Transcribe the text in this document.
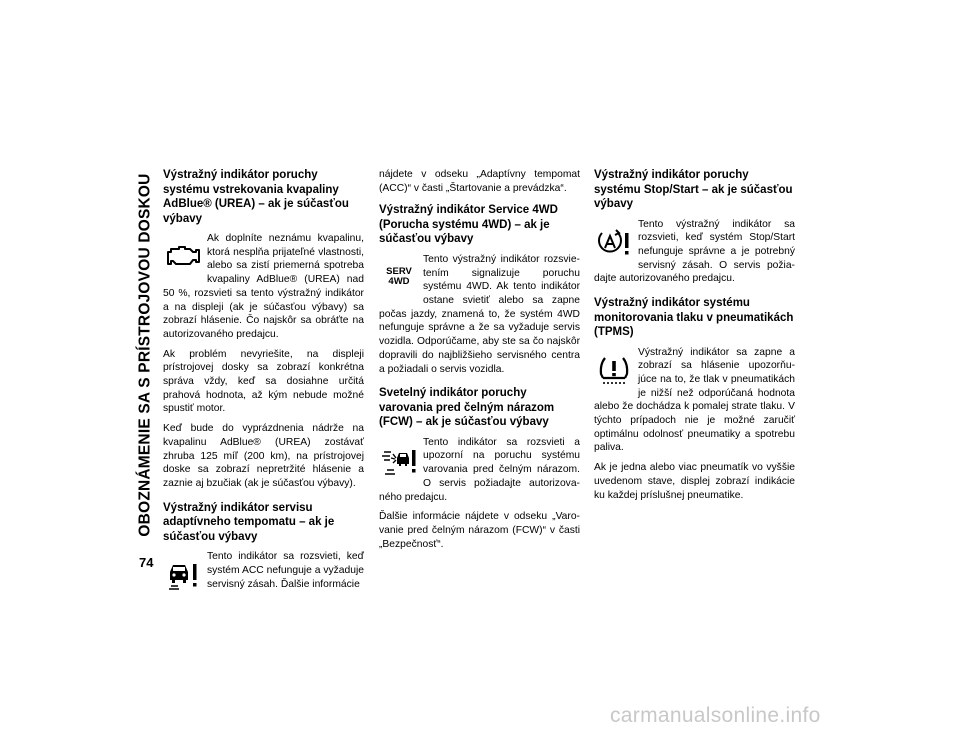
OBOZNÁMENIE SA S PRÍSTROJOVOU DOSKOU
74
Výstražný indikátor poruchy systému vstrekovania kvapaliny AdBlue® (UREA) – ak je súčasťou výbavy

Ak doplníte neznámu kvapalinu, ktorá nesplňa prijateľné vlastnosti, alebo sa zistí priemerná spotreba kvapaliny AdBlue® (UREA) nad 50 %, rozsvieti sa tento výstražný indikátor a na displeji (ak je súčasťou výbavy) sa zobrazí hlásenie. Čo najskôr sa obráťte na autorizovaného predajcu.

Ak problém nevyriešite, na displeji prístrojovej dosky sa zobrazí konkrétna správa vždy, keď sa dosiahne určitá prahová hodnota, až kým nebude možné spustiť motor.

Keď bude do vyprázdnenia nádrže na kvapalinu AdBlue® (UREA) zostávať zhruba 125 míľ (200 km), na prístrojovej doske sa zobrazí nepretržité hlásenie a zaznie aj bzučiak (ak je súčasťou výbavy).

Výstražný indikátor servisu adaptívneho tempomatu – ak je súčasťou výbavy

Tento indikátor sa rozsvieti, keď systém ACC nefunguje a vyžaduje servisný zásah. Ďalšie informácie

nájdete v odseku „Adaptívny tempomat (ACC)“ v časti „Štartovanie a prevádzka“.

Výstražný indikátor Service 4WD (Porucha systému 4WD) – ak je súčasťou výbavy
SERV
4WD

Tento výstražný indikátor rozsvie- tením signalizuje poruchu systému 4WD. Ak tento indikátor ostane svietiť alebo sa zapne počas jazdy, znamená to, že systém 4WD nefunguje správne a že sa vyžaduje servis vozidla. Odporúčame, aby ste sa čo najskôr dopravili do najbližšieho servisného centra a požiadali o servis vozidla.

Svetelný indikátor poruchy varovania pred čelným nárazom (FCW) – ak je súčasťou výbavy

Tento indikátor sa rozsvieti a upozorní na poruchu systému varovania pred čelným nárazom. O servis požiadajte autorizova- ného predajcu.

Ďalšie informácie nájdete v odseku „Varo- vanie pred čelným nárazom (FCW)“ v časti „Bezpečnosť“.

Výstražný indikátor poruchy systému Stop/Start – ak je súčasťou výbavy

Tento výstražný indikátor sa rozsvieti, keď systém Stop/Start nefunguje správne a je potrebný servisný zásah. O servis požia- dajte autorizovaného predajcu.

Výstražný indikátor systému monitorovania tlaku v pneumatikách (TPMS)

Výstražný indikátor sa zapne a zobrazí sa hlásenie upozorňu- júce na to, že tlak v pneumatikách je nižší než odporúčaná hodnota alebo že dochádza k pomalej strate tlaku. V týchto prípadoch nie je možné zaručiť optimálnu odolnosť pneumatiky a spotrebu paliva.

Ak je jedna alebo viac pneumatík vo vyššie uvedenom stave, displej zobrazí indikácie ku každej príslušnej pneumatike.

carmanualsonline.info
